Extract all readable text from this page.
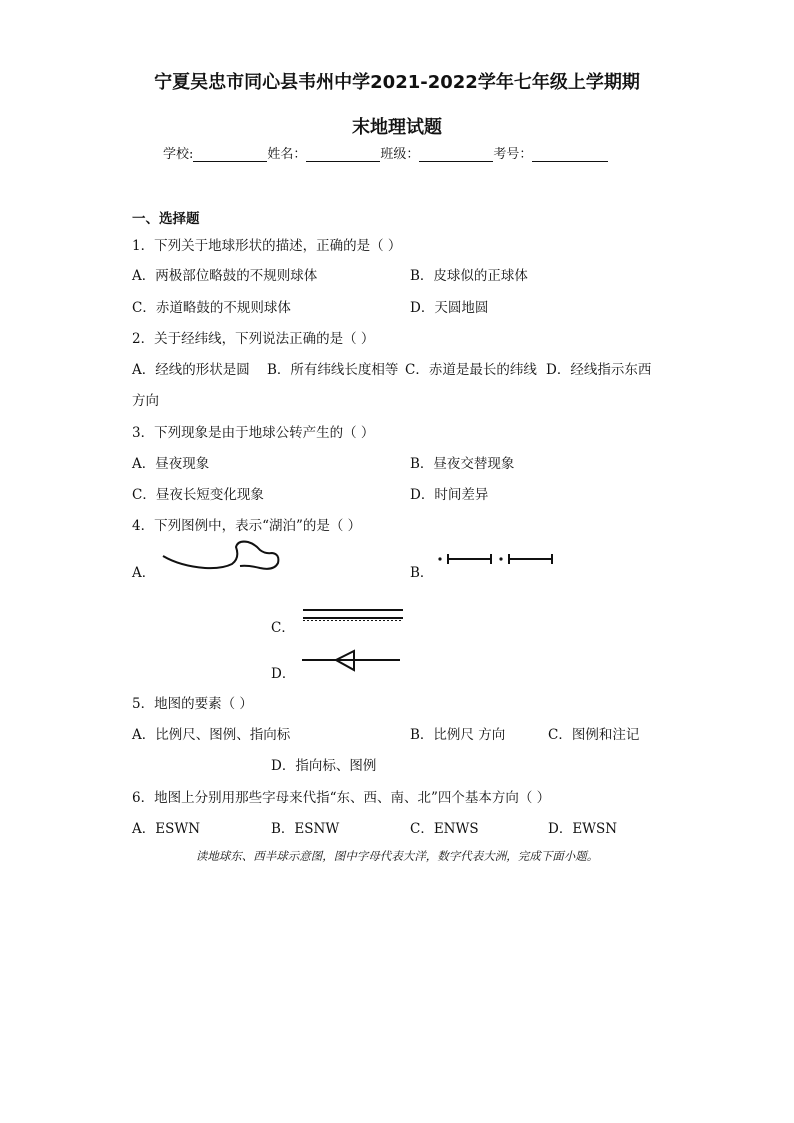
宁夏吴忠市同心县韦州中学2021-2022学年七年级上学期期
末地理试题
学校:	姓名：	班级：	考号：
一、选择题
1．下列关于地球形状的描述，正确的是（ ）
A．两极部位略鼓的不规则球体	B．皮球似的正球体
C．赤道略鼓的不规则球体	D．天圆地圆
2．关于经纬线，下列说法正确的是（ ）
A．经线的形状是圆 B．所有纬线长度相等 C．赤道是最长的纬线 D．经线指示东西
方向
3．下列现象是由于地球公转产生的（ ）
A．昼夜现象	B．昼夜交替现象
C．昼夜长短变化现象	D．时间差异
4．下列图例中，表示“湖泊”的是（ ）
A．	B．
C．
D．
5．地图的要素（ ）
A．比例尺、图例、指向标	B．比例尺 方向	C．图例和注记
D．指向标、图例
6．地图上分别用那些字母来代指“东、西、南、北”四个基本方向（ ）
A．ESWN	B．ESNW	C．ENWS	D．EWSN
读地球东、西半球示意图，图中字母代表大洋，数字代表大洲，完成下面小题。
